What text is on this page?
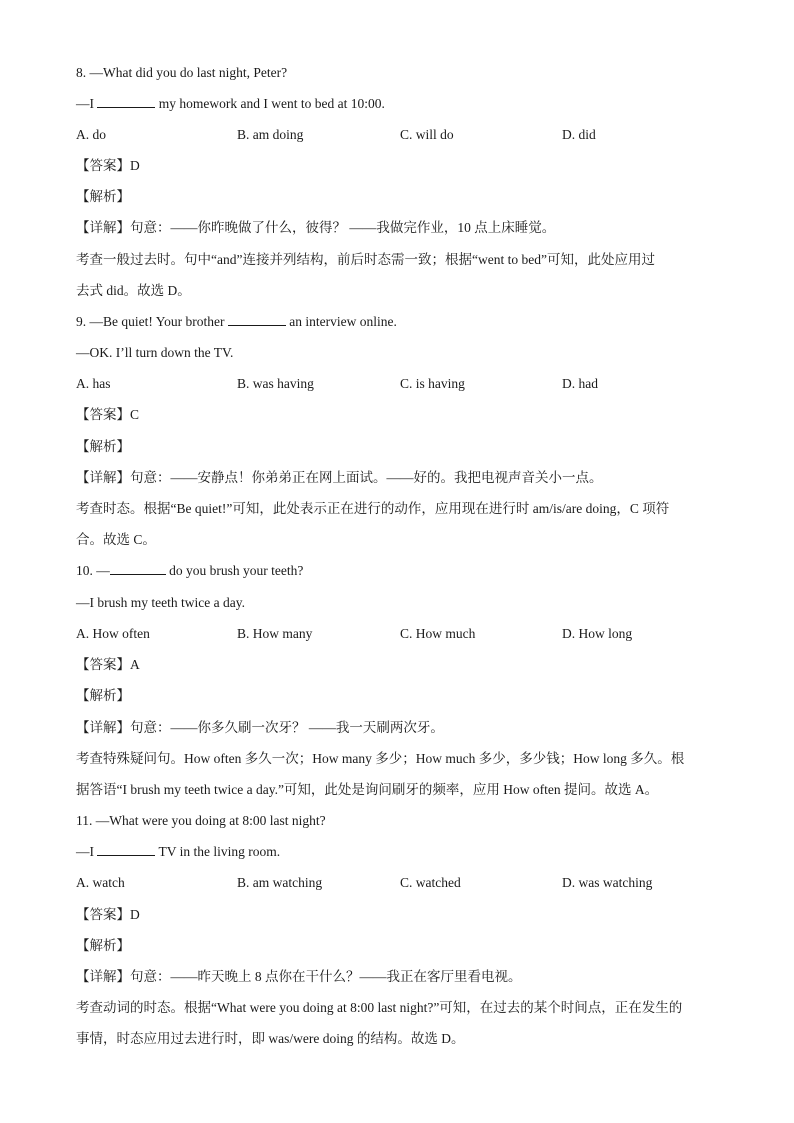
8. —What did you do last night, Peter?
—I	my homework and I went to bed at 10:00.
A. do	B. am doing	C. will do	D. did
【答案】D
【解析】
【详解】句意：——你昨晚做了什么，彼得？ ——我做完作业，10 点上床睡觉。
考查一般过去时。句中“and”连接并列结构，前后时态需一致；根据“went to bed”可知，此处应用过
去式 did。故选 D。
9. —Be quiet! Your brother	an interview online.
—OK. I’ll turn down the TV.
A. has	B. was having	C. is having	D. had
【答案】C
【解析】
【详解】句意：——安静点！你弟弟正在网上面试。——好的。我把电视声音关小一点。
考查时态。根据“Be quiet!”可知，此处表示正在进行的动作，应用现在进行时 am/is/are doing，C 项符
合。故选 C。
10. —	do you brush your teeth?
—I brush my teeth twice a day.
A. How often	B. How many	C. How much	D. How long
【答案】A
【解析】
【详解】句意：——你多久刷一次牙？ ——我一天刷两次牙。
考查特殊疑问句。How often 多久一次；How many 多少；How much 多少，多少钱；How long 多久。根
据答语“I brush my teeth twice a day.”可知，此处是询问刷牙的频率，应用 How often 提问。故选 A。
11. —What were you doing at 8:00 last night?
—I	TV in the living room.
A. watch	B. am watching	C. watched	D. was watching
【答案】D
【解析】
【详解】句意：——昨天晚上 8 点你在干什么？——我正在客厅里看电视。
考查动词的时态。根据“What were you doing at 8:00 last night?”可知，在过去的某个时间点，正在发生的
事情，时态应用过去进行时，即 was/were doing 的结构。故选 D。
